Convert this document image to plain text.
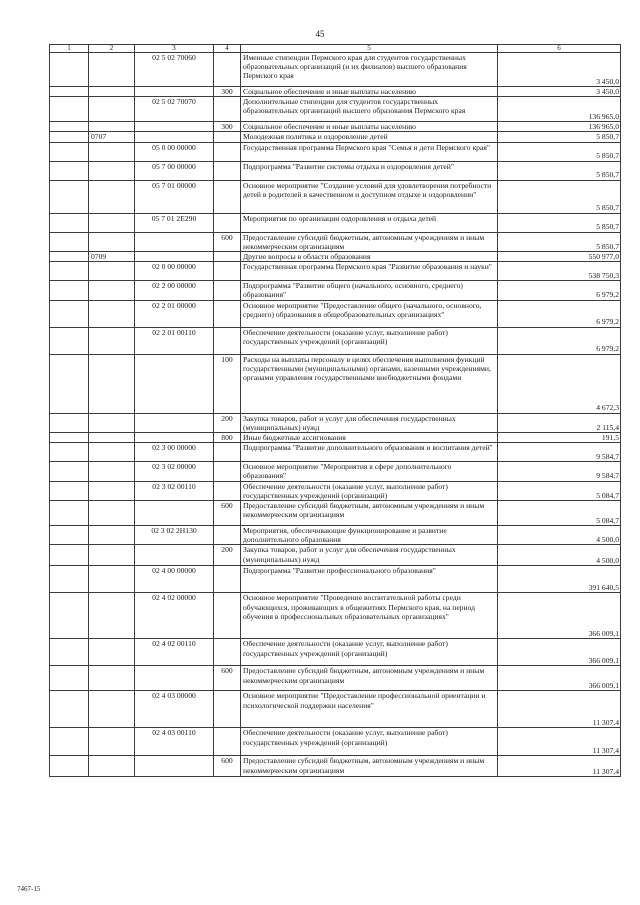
45
1	2	3	4	5	6
		02 5 02 70060		Именные стипендии Пермского края для студентов государственных образовательных организаций (и их филиалов) высшего образования Пермского края	3 450,0
			300	Социальное обеспечение и иные выплаты населению	3 450,0
		02 5 02 70070		Дополнительные стипендии для студентов государственных образовательных организаций высшего образования Пермского края	136 965,0
			300	Социальное обеспечение и иные выплаты населению	136 965,0
	0707			Молодежная политика и оздоровление детей	5 850,7
		05 0 00 00000		Государственная программа Пермского края "Семья и дети Пермского края"	5 850,7
		05 7 00 00000		Подпрограмма "Развитие системы отдыха и оздоровления детей"	5 850,7
		05 7 01 00000		Основное мероприятие "Создание условий для удовлетворения потребности детей в родителей в качественном и доступном отдыхе и оздоровлении"	5 850,7
		05 7 01 2Е290		Мероприятия по организации оздоровления и отдыха детей	5 850,7
			600	Предоставление субсидий бюджетным, автономным учреждениям и иным некоммерческим организациям	5 850,7
	0709			Другие вопросы в области образования	550 977,0
		02 0 00 00000		Государственная программа Пермского края "Развитие образования и науки"	538 750,3
		02 2 00 00000		Подпрограмма "Развитие общего (начального, основного, среднего) образования"	6 979,2
		02 2 01 00000		Основное мероприятие "Предоставление общего (начального, основного, среднего) образования в общеобразовательных организациях"	6 979,2
		02 2 01 00110		Обеспечение деятельности (оказание услуг, выполнение работ) государственных учреждений (организаций)	6 979,2
			100	Расходы на выплаты персоналу в целях обеспечения выполнения функций государственными (муниципальными) органами, казенными учреждениями, органами управления государственными внебюджетными фондами	4 672,3
			200	Закупка товаров, работ и услуг для обеспечения государственных (муниципальных) нужд	2 115,4
			800	Иные бюджетные ассигнования	191,5
		02 3 00 00000		Подпрограмма "Развитие дополнительного образования и воспитания детей"	9 584,7
		02 3 02 00000		Основное мероприятие "Мероприятия в сфере дополнительного образования"	9 584,7
		02 3 02 00110		Обеспечение деятельности (оказание услуг, выполнение работ) государственных учреждений (организаций)	5 084,7
			600	Предоставление субсидий бюджетным, автономным учреждениям и иным некоммерческим организациям	5 084,7
		02 3 02 2Н130		Мероприятия, обеспечивающие функционирование и развитие дополнительного образования	4 500,0
			200	Закупка товаров, работ и услуг для обеспечения государственных (муниципальных) нужд	4 500,0
		02 4 00 00000		Подпрограмма "Развитие профессионального образования"	391 640,5
		02 4 02 00000		Основное мероприятие "Проведение воспитательной работы среди обучающихся, проживающих в общежитиях Пермского края, на период обучения в профессиональных образовательных организациях"	366 009,1
		02 4 02 00110		Обеспечение деятельности (оказание услуг, выполнение работ) государственных учреждений (организаций)	366 009,1
			600	Предоставление субсидий бюджетным, автономным учреждениям и иным некоммерческим организациям	366 009,1
		02 4 03 00000		Основное мероприятие "Предоставление профессиональной ориентации и психологической поддержки населения"	11 307,4
		02 4 03 00110		Обеспечение деятельности (оказание услуг, выполнение работ) государственных учреждений (организаций)	11 307,4
			600	Предоставление субсидий бюджетным, автономным учреждениям и иным некоммерческим организациям	11 307,4
7467-15
